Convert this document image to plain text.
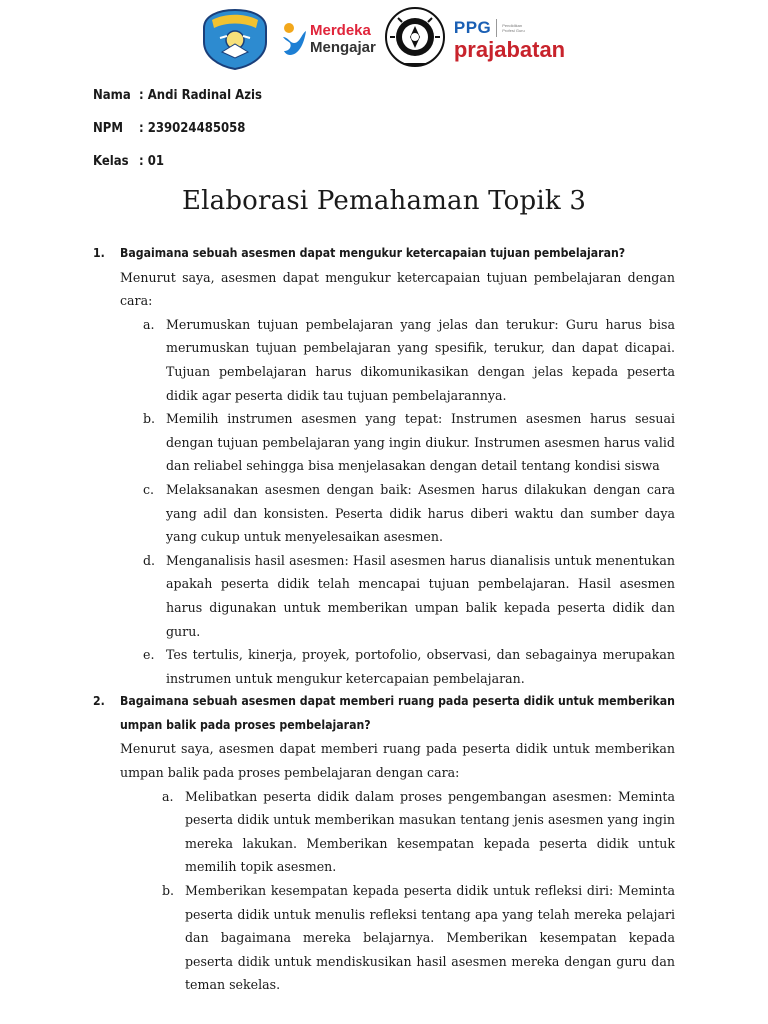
Merdeka
Mengajar
PPG	Pendidikan Profesi Guru
prajabatan
Nama : Andi Radinal Azis
NPM : 239024485058
Kelas : 01
Elaborasi Pemahaman Topik 3
1. Bagaimana sebuah asesmen dapat mengukur ketercapaian tujuan pembelajaran?
Menurut saya, asesmen dapat mengukur ketercapaian tujuan pembelajaran dengan cara:
a. Merumuskan tujuan pembelajaran yang jelas dan terukur: Guru harus bisa merumuskan tujuan pembelajaran yang spesifik, terukur, dan dapat dicapai. Tujuan pembelajaran harus dikomunikasikan dengan jelas kepada peserta didik agar peserta didik tau tujuan pembelajarannya.
b. Memilih instrumen asesmen yang tepat: Instrumen asesmen harus sesuai dengan tujuan pembelajaran yang ingin diukur. Instrumen asesmen harus valid dan reliabel sehingga bisa menjelasakan dengan detail tentang kondisi siswa
c. Melaksanakan asesmen dengan baik: Asesmen harus dilakukan dengan cara yang adil dan konsisten. Peserta didik harus diberi waktu dan sumber daya yang cukup untuk menyelesaikan asesmen.
d. Menganalisis hasil asesmen: Hasil asesmen harus dianalisis untuk menentukan apakah peserta didik telah mencapai tujuan pembelajaran. Hasil asesmen harus digunakan untuk memberikan umpan balik kepada peserta didik dan guru.
e. Tes tertulis, kinerja, proyek, portofolio, observasi, dan sebagainya merupakan instrumen untuk mengukur ketercapaian pembelajaran.
2. Bagaimana sebuah asesmen dapat memberi ruang pada peserta didik untuk memberikan umpan balik pada proses pembelajaran?
Menurut saya, asesmen dapat memberi ruang pada peserta didik untuk memberikan umpan balik pada proses pembelajaran dengan cara:
a. Melibatkan peserta didik dalam proses pengembangan asesmen: Meminta peserta didik untuk memberikan masukan tentang jenis asesmen yang ingin mereka lakukan. Memberikan kesempatan kepada peserta didik untuk memilih topik asesmen.
b. Memberikan kesempatan kepada peserta didik untuk refleksi diri: Meminta peserta didik untuk menulis refleksi tentang apa yang telah mereka pelajari dan bagaimana mereka belajarnya. Memberikan kesempatan kepada peserta didik untuk mendiskusikan hasil asesmen mereka dengan guru dan teman sekelas.
